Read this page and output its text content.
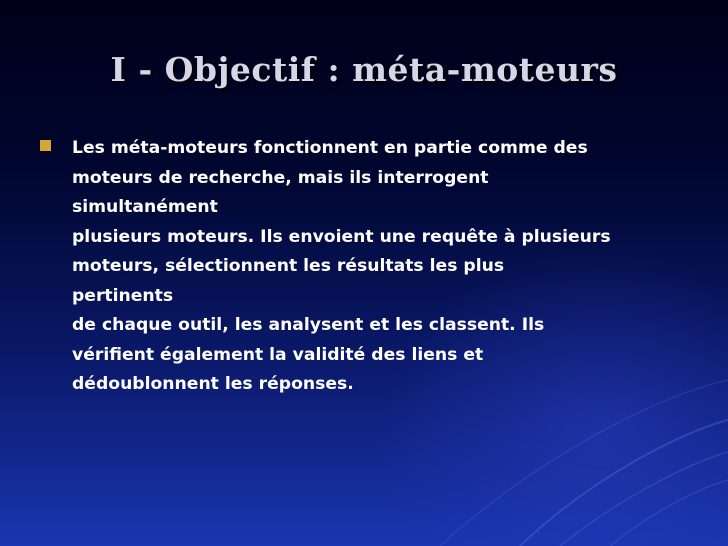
I - Objectif : méta-moteurs
Les méta-moteurs fonctionnent en partie comme des
moteurs de recherche, mais ils interrogent
simultanément
plusieurs moteurs. Ils envoient une requête à plusieurs
moteurs, sélectionnent les résultats les plus
pertinents
de chaque outil, les analysent et les classent. Ils
vérifient également la validité des liens et
dédoublonnent les réponses.
